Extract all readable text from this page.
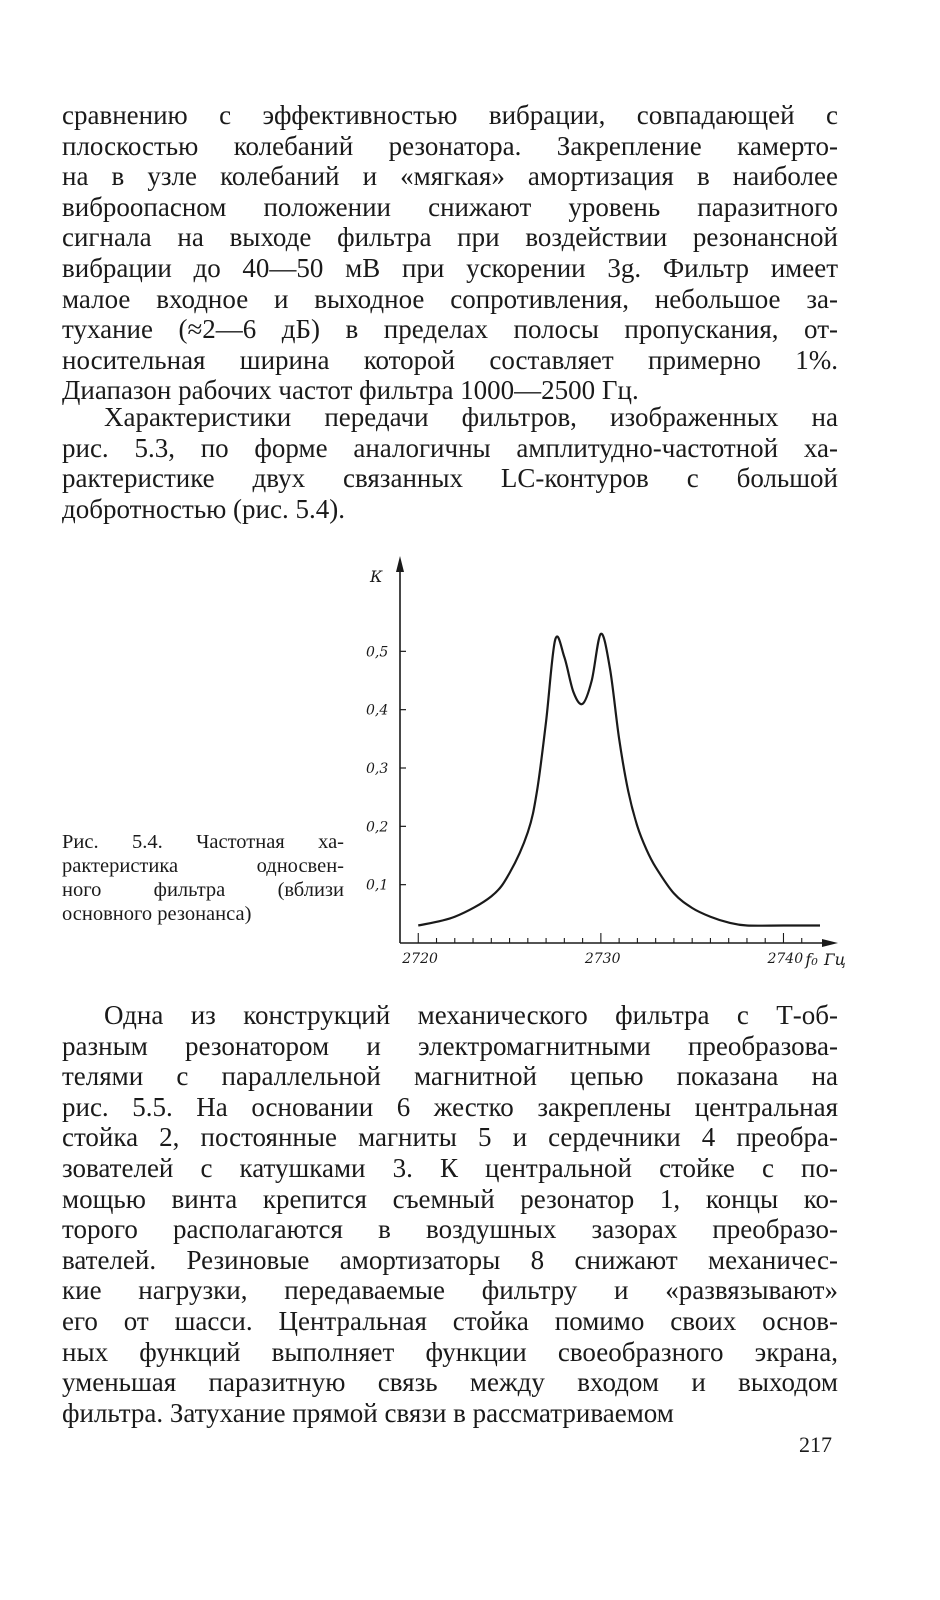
сравнению с эффективностью вибрации, совпадающей с
плоскостью колебаний резонатора. Закрепление камерто-
на в узле колебаний и «мягкая» амортизация в наиболее
виброопасном положении снижают уровень паразитного
сигнала на выходе фильтра при воздействии резонансной
вибрации до 40—50 мВ при ускорении 3g. Фильтр имеет
малое входное и выходное сопротивления, небольшое за-
тухание (≈2—6 дБ) в пределах полосы пропускания, от-
носительная ширина которой составляет примерно 1%.
Диапазон рабочих частот фильтра 1000—2500 Гц.
Характеристики передачи фильтров, изображенных на
рис. 5.3, по форме аналогичны амплитудно-частотной ха-
рактеристике двух связанных LC-контуров с большой
добротностью (рис. 5.4).
Рис. 5.4. Частотная ха-
рактеристика односвен-
ного фильтра (вблизи
основного резонанса)
К
0,1
0,2
0,3
0,4
0,5
2720	2730	2740 f₀ Гц
Одна из конструкций механического фильтра с Т-об-
разным резонатором и электромагнитными преобразова-
телями с параллельной магнитной цепью показана на
рис. 5.5. На основании 6 жестко закреплены центральная
стойка 2, постоянные магниты 5 и сердечники 4 преобра-
зователей с катушками 3. К центральной стойке с по-
мощью винта крепится съемный резонатор 1, концы ко-
торого располагаются в воздушных зазорах преобразо-
вателей. Резиновые амортизаторы 8 снижают механичес-
кие нагрузки, передаваемые фильтру и «развязывают»
его от шасси. Центральная стойка помимо своих основ-
ных функций выполняет функции своеобразного экрана,
уменьшая паразитную связь между входом и выходом
фильтра. Затухание прямой связи в рассматриваемом
217
